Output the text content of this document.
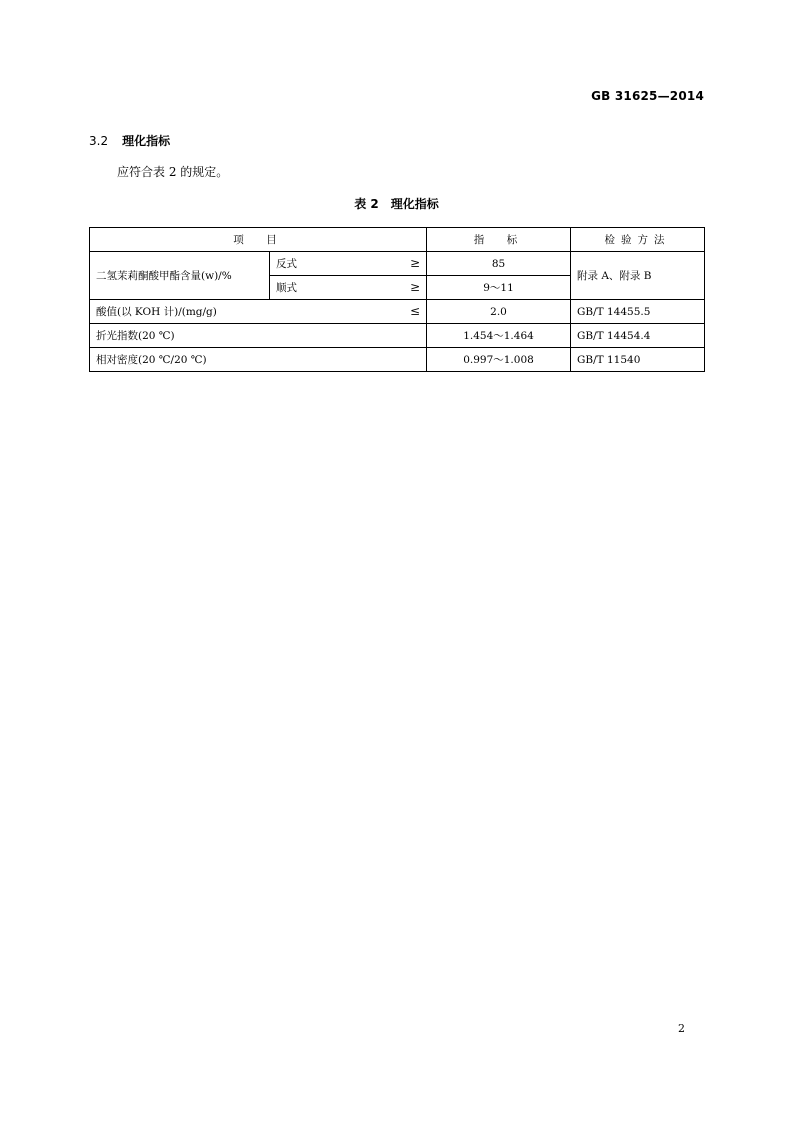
GB 31625—2014
3.2 理化指标
应符合表 2 的规定。
表 2 理化指标
项　目		指　标	检验方法
二氢茉莉酮酸甲酯含量(w)/%	反式 ≥	85	附录 A、附录 B
	顺式 ≥	9～11	
酸值(以 KOH 计)/(mg/g) ≤		2.0	GB/T 14455.5
折光指数(20 ℃)		1.454～1.464	GB/T 14454.4
相对密度(20 ℃/20 ℃)		0.997～1.008	GB/T 11540
2
